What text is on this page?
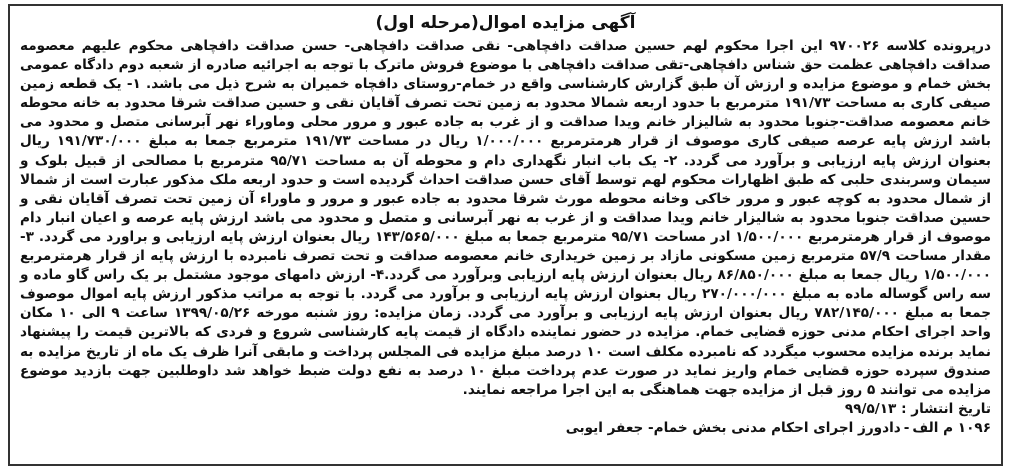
آگهی مزایده اموال(مرحله اول)

درپرونده کلاسه ۹۷۰۰۲۶ این اجرا محکوم لهم حسین صداقت دافچاهی- نقی صداقت دافچاهی- حسن صداقت دافچاهی محکوم علیهم معصومه صداقت دافچاهی عظمت حق شناس دافچاهی-تقی صداقت دافچاهی با موضوع فروش ماترک با توجه به اجرائیه صادره از شعبه دوم دادگاه عمومی بخش خمام و موضوع مزایده و ارزش آن طبق گزارش کارشناسی واقع در خمام-روستای دافچاه خمیران به شرح ذیل می باشد. ۱- یک قطعه زمین صیفی کاری به مساحت ۱۹۱/۷۳ مترمربع با حدود اربعه شمالا محدود به زمین تحت تصرف آقایان نقی و حسین صداقت شرقا محدود به خانه محوطه خانم معصومه صداقت-جنوبا محدود به شالیزار خانم ویدا صداقت و از غرب به جاده عبور و مرور محلی وماوراء نهر آبرسانی متصل و محدود می باشد ارزش پایه عرصه صیفی کاری موصوف از قرار هرمترمربع ۱/۰۰۰/۰۰۰ ریال در مساحت ۱۹۱/۷۳ مترمربع جمعا به مبلغ ۱۹۱/۷۳۰/۰۰۰ ریال بعنوان ارزش پایه ارزیابی و برآورد می گردد. ۲- یک باب انبار نگهداری دام و محوطه آن به مساحت ۹۵/۷۱ مترمربع با مصالحی از قبیل بلوک و سیمان وسربندی حلبی که طبق اظهارات محکوم لهم توسط آقای حسن صداقت احداث گردیده است و حدود اربعه ملک مذکور عبارت است از شمالا از شمال محدود به کوچه عبور و مرور خاکی وخانه محوطه مورث شرقا محدود به جاده عبور و مرور و ماوراء آن زمین تحت تصرف آقایان نقی و حسین صداقت جنوبا محدود به شالیزار خانم ویدا صداقت و از غرب به نهر آبرسانی و متصل و محدود می باشد ارزش پایه عرصه و اعیان انبار دام موصوف از قرار هرمترمربع ۱/۵۰۰/۰۰۰ ادر مساحت ۹۵/۷۱ مترمربع جمعا به مبلغ ۱۴۳/۵۶۵/۰۰۰ ریال بعنوان ارزش پایه ارزیابی و براورد می گردد. ۳- مقدار مساحت ۵۷/۹ مترمربع زمین مسکونی مازاد بر زمین خریداری خانم معصومه صداقت و تحت تصرف نامبرده با ارزش پایه از قرار هرمترمربع ۱/۵۰۰/۰۰۰ ریال جمعا به مبلغ ۸۶/۸۵۰/۰۰۰ ریال بعنوان ارزش پایه ارزیابی وبرآورد می گردد.۴- ارزش دامهای موجود مشتمل بر یک راس گاو ماده و سه راس گوساله ماده به مبلغ ۲۷۰/۰۰۰/۰۰۰ ریال بعنوان ارزش پایه ارزیابی و برآورد می گردد. با توجه به مراتب مذکور ارزش پایه اموال موصوف جمعا به مبلغ ۷۸۲/۱۴۵/۰۰۰ ریال بعنوان ارزش پایه ارزیابی و برآورد می گردد. زمان مزایده: روز شنبه مورخه ۱۳۹۹/۰۵/۲۶ ساعت ۹ الی ۱۰ مکان واحد اجرای احکام مدنی حوزه قضایی خمام. مزایده در حضور نماینده دادگاه از قیمت پایه کارشناسی شروع و فردی که بالاترین قیمت را پیشنهاد نماید برنده مزایده محسوب میگردد که نامبرده مکلف است ۱۰ درصد مبلغ مزایده فی المجلس پرداخت و مابقی آنرا ظرف یک ماه از تاریخ مزایده به صندوق سپرده حوزه قضایی خمام واریز نماید در صورت عدم پرداخت مبلغ ۱۰ درصد به نفع دولت ضبط خواهد شد داوطلبین جهت بازدید موضوع مزایده می توانند ۵ روز قبل از مزایده جهت هماهنگی به این اجرا مراجعه نمایند.

تاریخ انتشار : ۹۹/۵/۱۳

۱۰۹۶ م الف-دادورز اجرای احکام مدنی بخش خمام- جعفر ایوبی
